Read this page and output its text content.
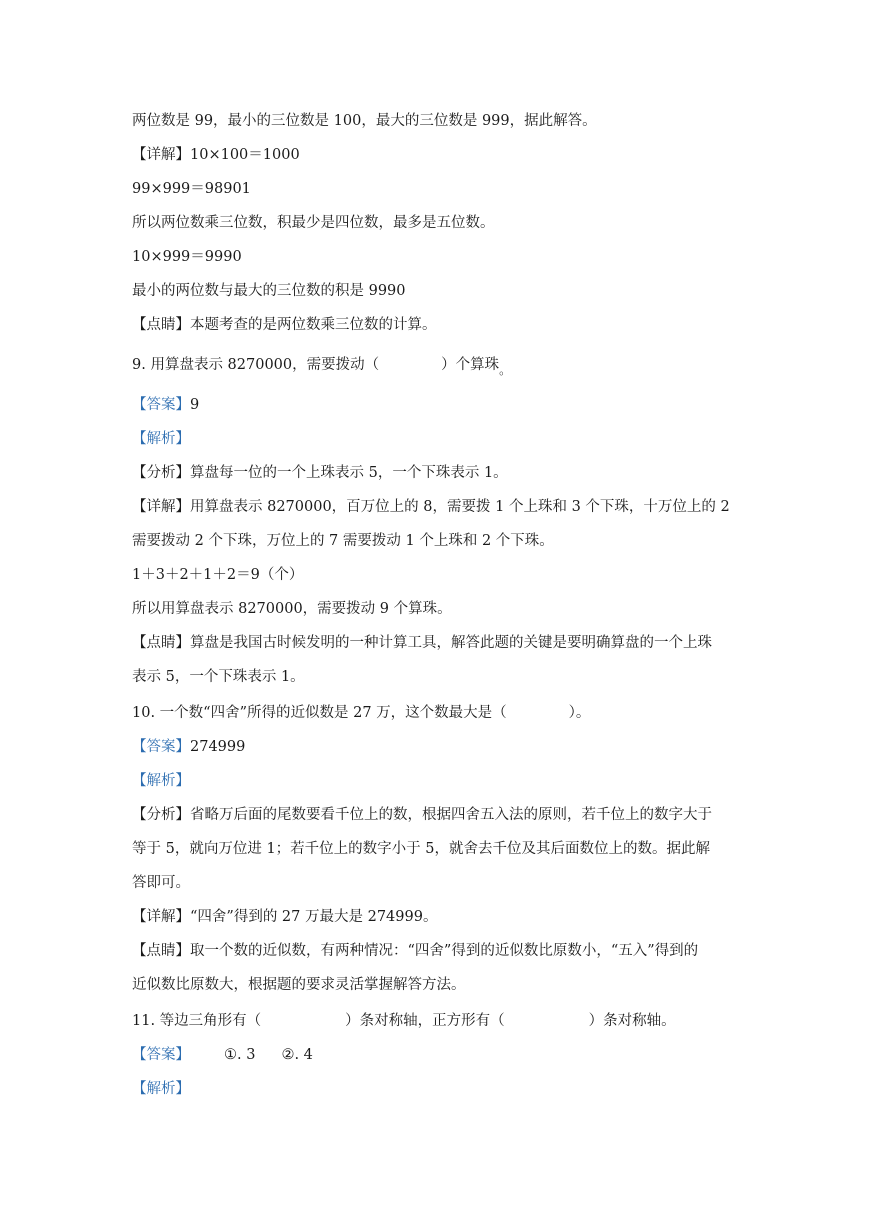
两位数是 99，最小的三位数是 100，最大的三位数是 999，据此解答。
【详解】10×100＝1000
99×999＝98901
所以两位数乘三位数，积最少是四位数，最多是五位数。
10×999＝9990
最小的两位数与最大的三位数的积是 9990
【点睛】本题考查的是两位数乘三位数的计算。
9. 用算盘表示 8270000，需要拨动（	）个算珠$_。$
【答案】9
【解析】
【分析】算盘每一位的一个上珠表示 5，一个下珠表示 1。
【详解】用算盘表示 8270000，百万位上的 8，需要拨 1 个上珠和 3 个下珠，十万位上的 2
需要拨动 2 个下珠，万位上的 7 需要拨动 1 个上珠和 2 个下珠。
1＋3＋2＋1＋2＝9（个）
所以用算盘表示 8270000，需要拨动 9 个算珠。
【点睛】算盘是我国古时候发明的一种计算工具，解答此题的关键是要明确算盘的一个上珠
表示 5，一个下珠表示 1。
10. 一个数“四舍”所得的近似数是 27 万，这个数最大是（	）。
【答案】274999
【解析】
【分析】省略万后面的尾数要看千位上的数，根据四舍五入法的原则，若千位上的数字大于
等于 5，就向万位进 1；若千位上的数字小于 5，就舍去千位及其后面数位上的数。据此解
答即可。
【详解】“四舍”得到的 27 万最大是 274999。
【点睛】取一个数的近似数，有两种情况：“四舍”得到的近似数比原数小，“五入”得到的
近似数比原数大，根据题的要求灵活掌握解答方法。
11. 等边三角形有（	）条对称轴，正方形有（	）条对称轴。
【答案】 ①. 3 ②. 4
【解析】
